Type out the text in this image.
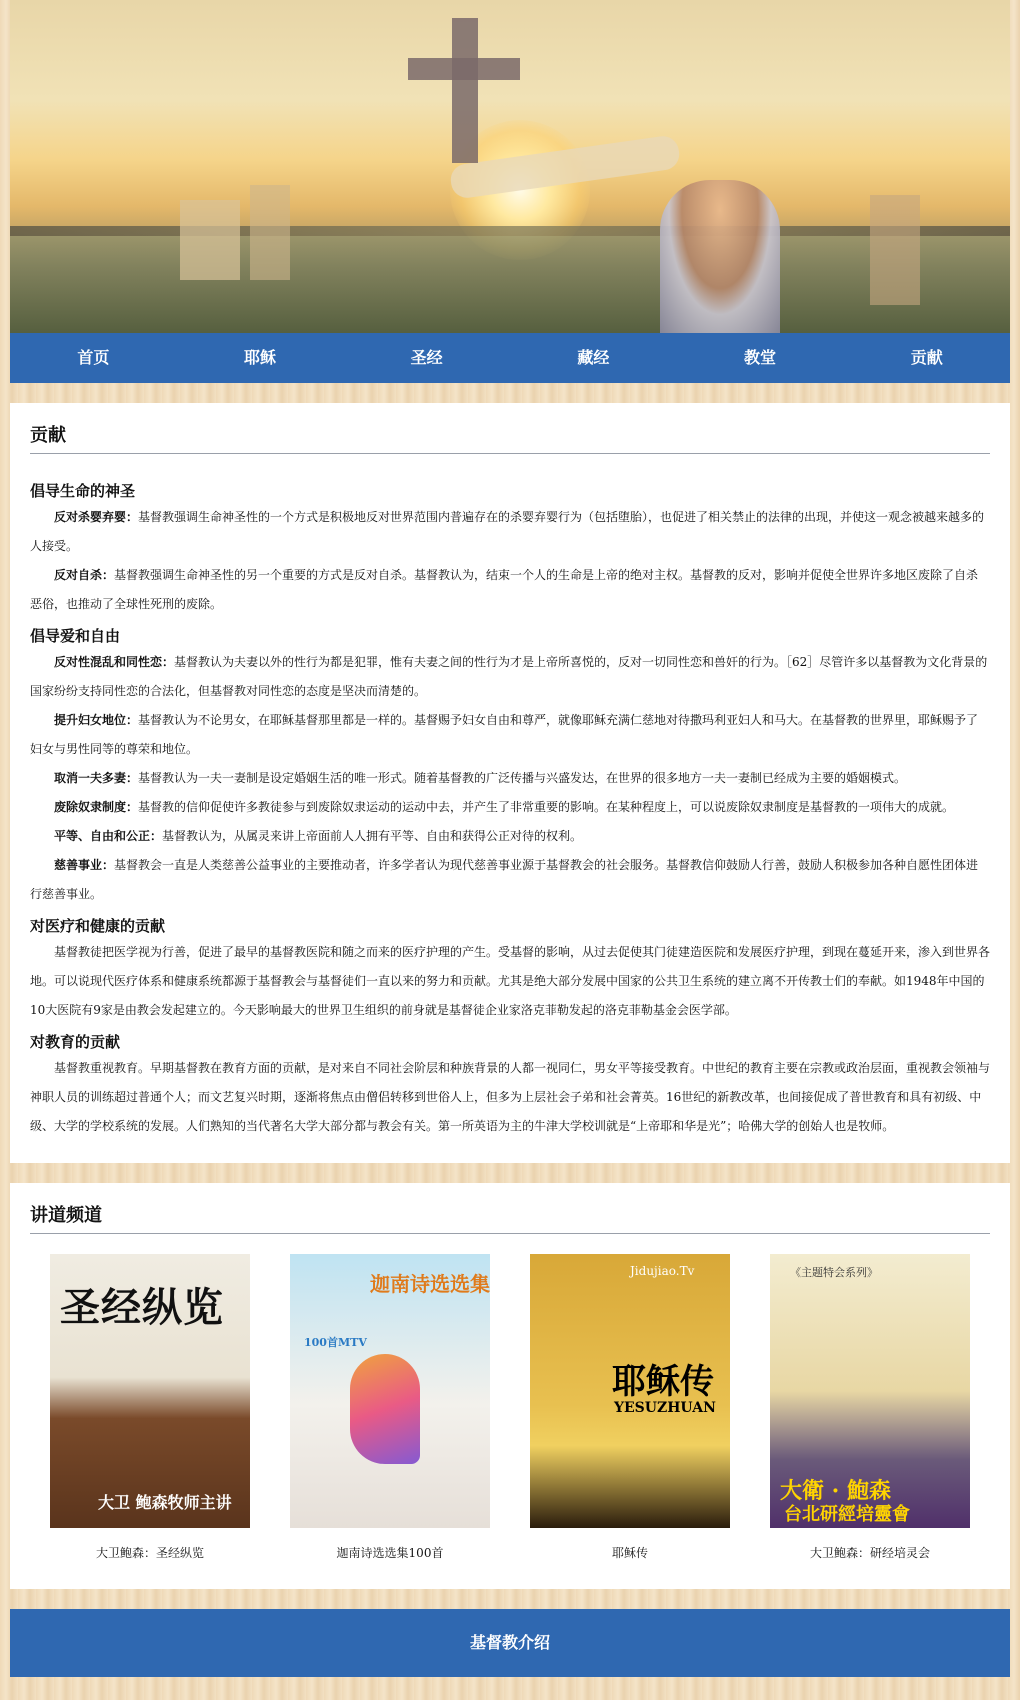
首页	耶稣	圣经	藏经	教堂	贡献
贡献
倡导生命的神圣

反对杀婴弃婴：基督教强调生命神圣性的一个方式是积极地反对世界范围内普遍存在的杀婴弃婴行为（包括堕胎），也促进了相关禁止的法律的出现，并使这一观念被越来越多的人接受。

反对自杀：基督教强调生命神圣性的另一个重要的方式是反对自杀。基督教认为，结束一个人的生命是上帝的绝对主权。基督教的反对，影响并促使全世界许多地区废除了自杀恶俗，也推动了全球性死刑的废除。

倡导爱和自由

反对性混乱和同性恋：基督教认为夫妻以外的性行为都是犯罪，惟有夫妻之间的性行为才是上帝所喜悦的，反对一切同性恋和兽奸的行为。［62］尽管许多以基督教为文化背景的国家纷纷支持同性恋的合法化，但基督教对同性恋的态度是坚决而清楚的。

提升妇女地位：基督教认为不论男女，在耶稣基督那里都是一样的。基督赐予妇女自由和尊严，就像耶稣充满仁慈地对待撒玛利亚妇人和马大。在基督教的世界里，耶稣赐予了妇女与男性同等的尊荣和地位。

取消一夫多妻：基督教认为一夫一妻制是设定婚姻生活的唯一形式。随着基督教的广泛传播与兴盛发达，在世界的很多地方一夫一妻制已经成为主要的婚姻模式。

废除奴隶制度：基督教的信仰促使许多教徒参与到废除奴隶运动的运动中去，并产生了非常重要的影响。在某种程度上，可以说废除奴隶制度是基督教的一项伟大的成就。

平等、自由和公正：基督教认为，从属灵来讲上帝面前人人拥有平等、自由和获得公正对待的权利。

慈善事业：基督教会一直是人类慈善公益事业的主要推动者，许多学者认为现代慈善事业源于基督教会的社会服务。基督教信仰鼓励人行善，鼓励人积极参加各种自愿性团体进行慈善事业。

对医疗和健康的贡献

基督教徒把医学视为行善，促进了最早的基督教医院和随之而来的医疗护理的产生。受基督的影响，从过去促使其门徒建造医院和发展医疗护理，到现在蔓延开来，渗入到世界各地。可以说现代医疗体系和健康系统都源于基督教会与基督徒们一直以来的努力和贡献。尤其是绝大部分发展中国家的公共卫生系统的建立离不开传教士们的奉献。如1948年中国的10大医院有9家是由教会发起建立的。今天影响最大的世界卫生组织的前身就是基督徒企业家洛克菲勒发起的洛克菲勒基金会医学部。

对教育的贡献

基督教重视教育。早期基督教在教育方面的贡献，是对来自不同社会阶层和种族背景的人都一视同仁，男女平等接受教育。中世纪的教育主要在宗教或政治层面，重视教会领袖与神职人员的训练超过普通个人；而文艺复兴时期，逐渐将焦点由僧侣转移到世俗人上，但多为上层社会子弟和社会菁英。16世纪的新教改革，也间接促成了普世教育和具有初级、中级、大学的学校系统的发展。人们熟知的当代著名大学大部分都与教会有关。第一所英语为主的牛津大学校训就是“上帝耶和华是光”；哈佛大学的创始人也是牧师。

讲道频道
圣经纵览
大卫 鲍森牧师主讲
大卫鲍森：圣经纵览
迦南诗选选集
100首MTV
迦南诗选选集100首
Jidujiao.Tv
耶稣传
YESUZHUAN
耶稣传
《主题特会系列》
大衛 · 鮑森
台北研經培靈會
大卫鲍森：研经培灵会
基督教介绍
